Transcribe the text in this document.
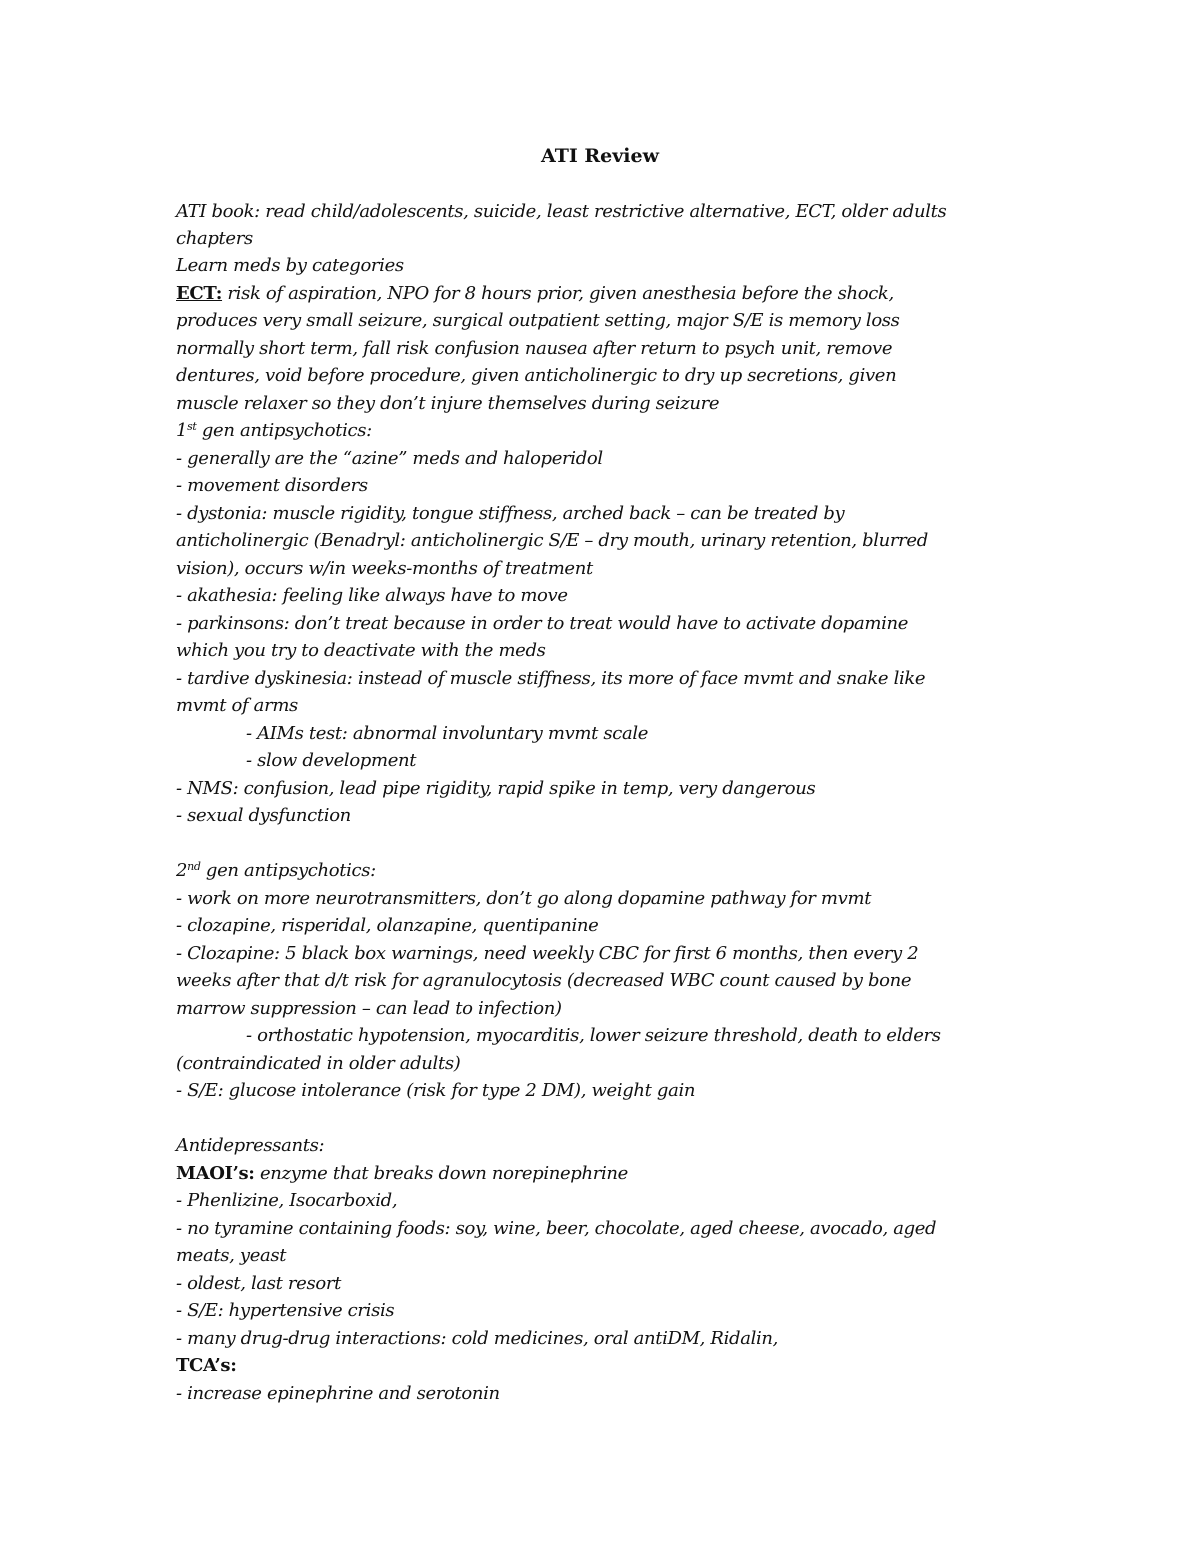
ATI Review
ATI book: read child/adolescents, suicide, least restrictive alternative, ECT, older adults
chapters
Learn meds by categories
ECT: risk of aspiration, NPO for 8 hours prior, given anesthesia before the shock,
produces very small seizure, surgical outpatient setting, major S/E is memory loss
normally short term, fall risk confusion nausea after return to psych unit, remove
dentures, void before procedure, given anticholinergic to dry up secretions, given
muscle relaxer so they don’t injure themselves during seizure
1st gen antipsychotics:
- generally are the “azine” meds and haloperidol
- movement disorders
- dystonia: muscle rigidity, tongue stiffness, arched back – can be treated by
anticholinergic (Benadryl: anticholinergic S/E – dry mouth, urinary retention, blurred
vision), occurs w/in weeks-months of treatment
- akathesia: feeling like always have to move
- parkinsons: don’t treat because in order to treat would have to activate dopamine
which you try to deactivate with the meds
- tardive dyskinesia: instead of muscle stiffness, its more of face mvmt and snake like
mvmt of arms
- AIMs test: abnormal involuntary mvmt scale
- slow development
- NMS: confusion, lead pipe rigidity, rapid spike in temp, very dangerous
- sexual dysfunction
2nd gen antipsychotics:
- work on more neurotransmitters, don’t go along dopamine pathway for mvmt
- clozapine, risperidal, olanzapine, quentipanine
- Clozapine: 5 black box warnings, need weekly CBC for first 6 months, then every 2
weeks after that d/t risk for agranulocytosis (decreased WBC count caused by bone
marrow suppression – can lead to infection)
- orthostatic hypotension, myocarditis, lower seizure threshold, death to elders
(contraindicated in older adults)
- S/E: glucose intolerance (risk for type 2 DM), weight gain
Antidepressants:
MAOI’s: enzyme that breaks down norepinephrine
- Phenlizine, Isocarboxid,
- no tyramine containing foods: soy, wine, beer, chocolate, aged cheese, avocado, aged
meats, yeast
- oldest, last resort
- S/E: hypertensive crisis
- many drug-drug interactions: cold medicines, oral antiDM, Ridalin,
TCA’s:
- increase epinephrine and serotonin
